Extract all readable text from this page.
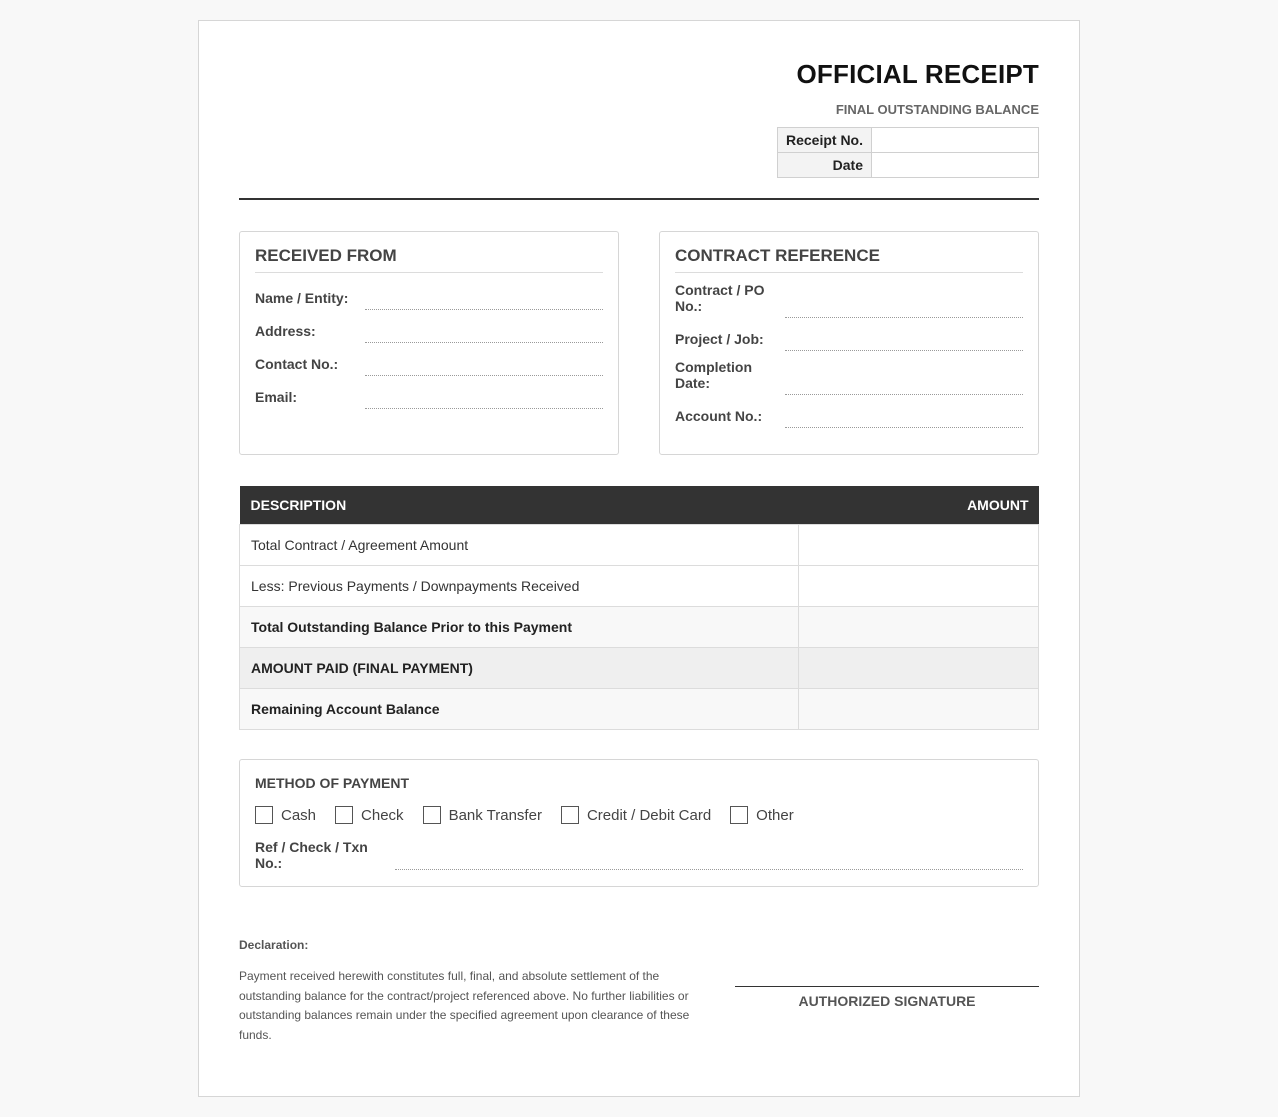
OFFICIAL RECEIPT
FINAL OUTSTANDING BALANCE
Receipt No.	
Date	
RECEIVED FROM
Name / Entity:
Address:
Contact No.:
Email:
CONTRACT REFERENCE
Contract / PO No.:
Project / Job:
Completion Date:
Account No.:
DESCRIPTION	AMOUNT
Total Contract / Agreement Amount	
Less: Previous Payments / Downpayments Received	
Total Outstanding Balance Prior to this Payment	
AMOUNT PAID (FINAL PAYMENT)	
Remaining Account Balance	
METHOD OF PAYMENT
Cash	Check	Bank Transfer	Credit / Debit Card	Other
Ref / Check / Txn No.:
Declaration:
Payment received herewith constitutes full, final, and absolute settlement of the outstanding balance for the contract/project referenced above. No further liabilities or outstanding balances remain under the specified agreement upon clearance of these funds.
AUTHORIZED SIGNATURE
